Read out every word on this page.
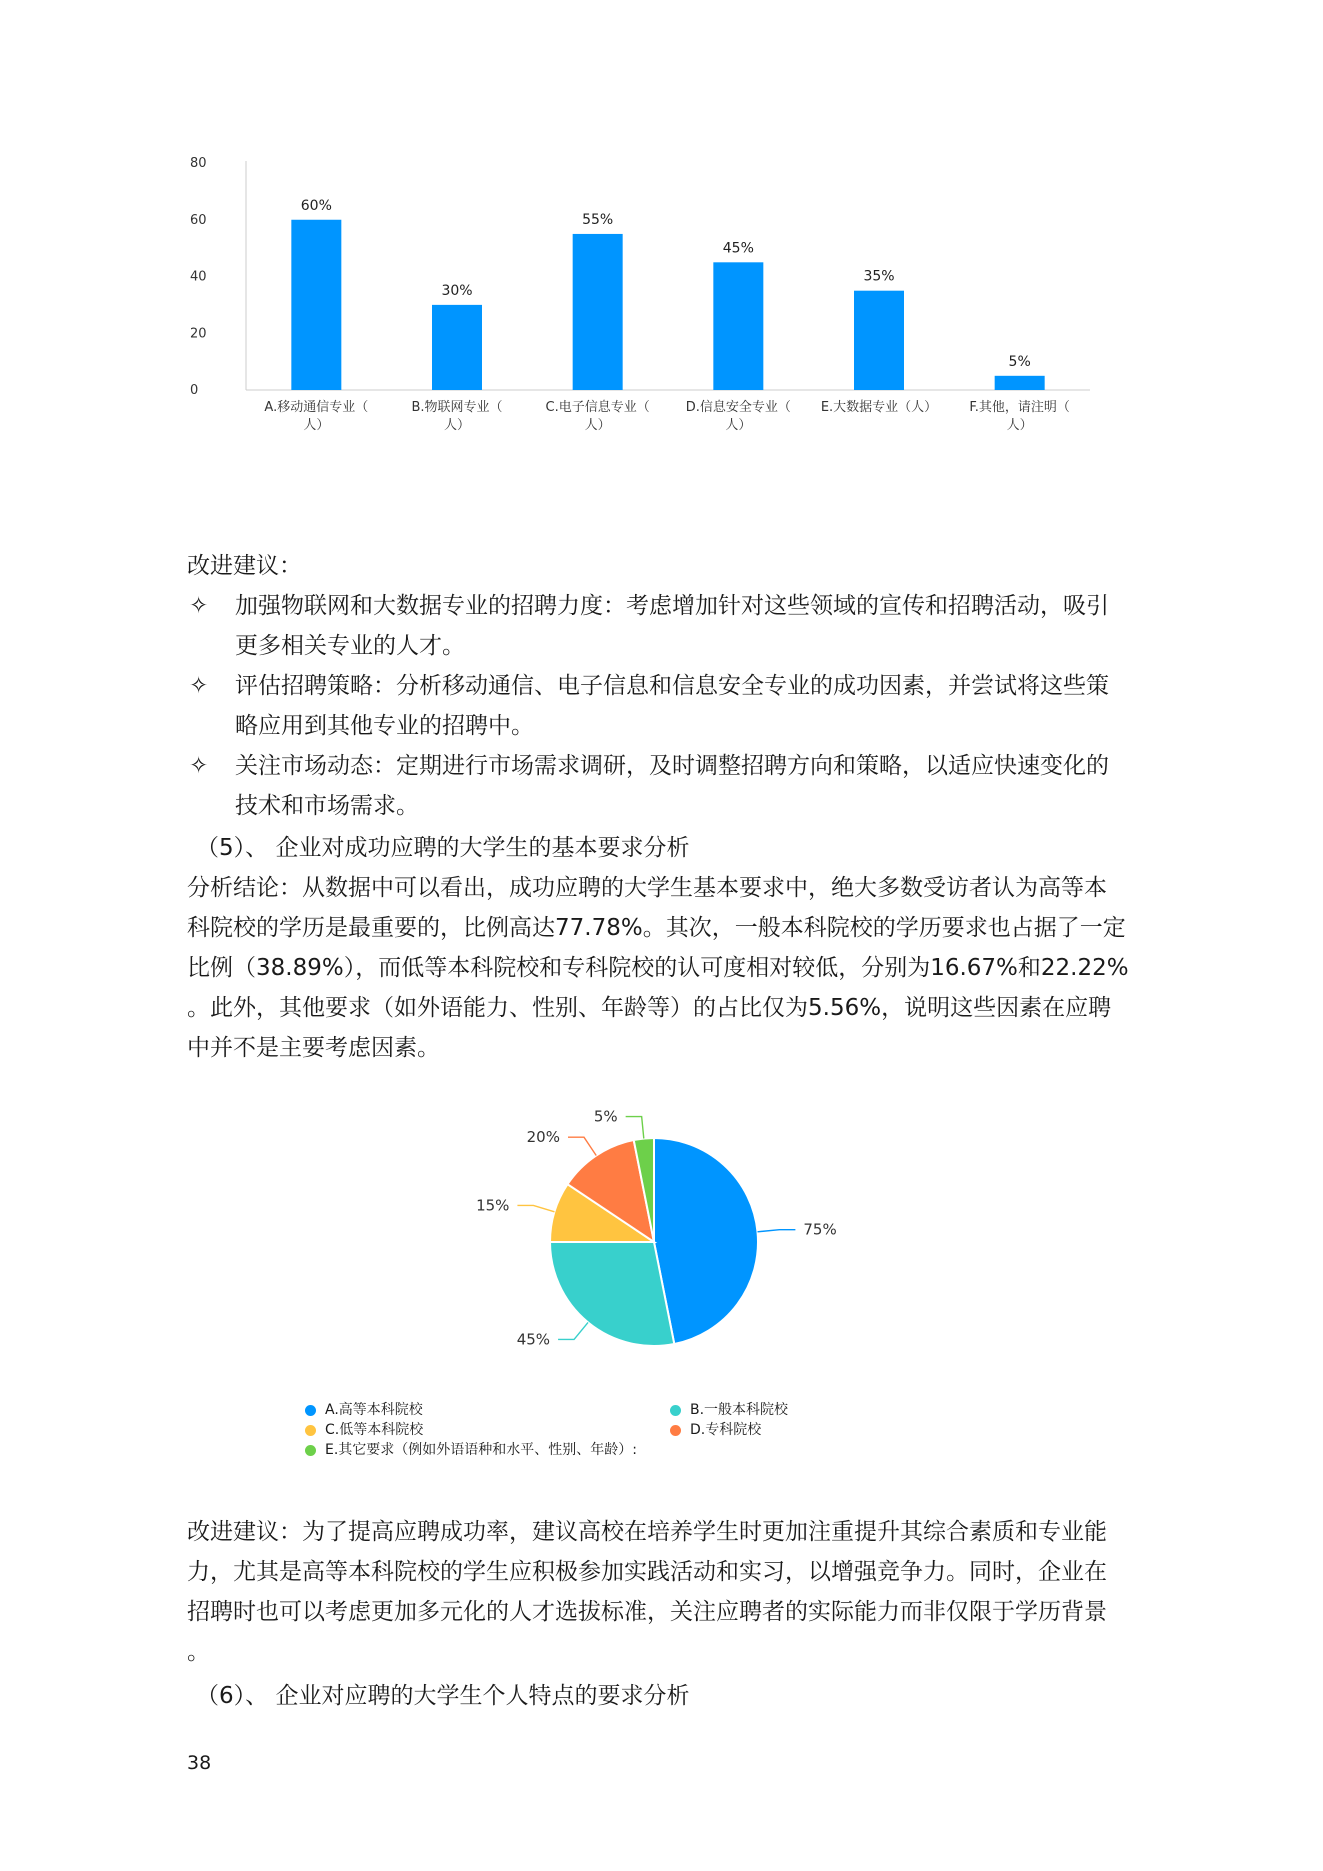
0
20
40
60
80
60%
A.移动通信专业（
人）
30%
B.物联网专业（
人）
55%
C.电子信息专业（
人）
45%
D.信息安全专业（
人）
35%
E.大数据专业（人）
5%
F.其他，请注明（
人）
改进建议：
✧	加强物联网和大数据专业的招聘力度：考虑增加针对这些领域的宣传和招聘活动，吸引
更多相关专业的人才。
✧	评估招聘策略：分析移动通信、电子信息和信息安全专业的成功因素，并尝试将这些策
略应用到其他专业的招聘中。
✧	关注市场动态：定期进行市场需求调研，及时调整招聘方向和策略，以适应快速变化的
技术和市场需求。
（5）、 企业对成功应聘的大学生的基本要求分析
分析结论：从数据中可以看出，成功应聘的大学生基本要求中，绝大多数受访者认为高等本
科院校的学历是最重要的，比例高达77.78%。其次，一般本科院校的学历要求也占据了一定
比例（38.89%），而低等本科院校和专科院校的认可度相对较低，分别为16.67%和22.22%
。此外，其他要求（如外语能力、性别、年龄等）的占比仅为5.56%，说明这些因素在应聘
中并不是主要考虑因素。
75%
45%
15%
20%
5%
A.高等本科院校	B.一般本科院校
C.低等本科院校	D.专科院校
E.其它要求（例如外语语种和水平、性别、年龄）:
改进建议：为了提高应聘成功率，建议高校在培养学生时更加注重提升其综合素质和专业能
力，尤其是高等本科院校的学生应积极参加实践活动和实习，以增强竞争力。同时，企业在
招聘时也可以考虑更加多元化的人才选拔标准，关注应聘者的实际能力而非仅限于学历背景
。
（6）、 企业对应聘的大学生个人特点的要求分析
38
